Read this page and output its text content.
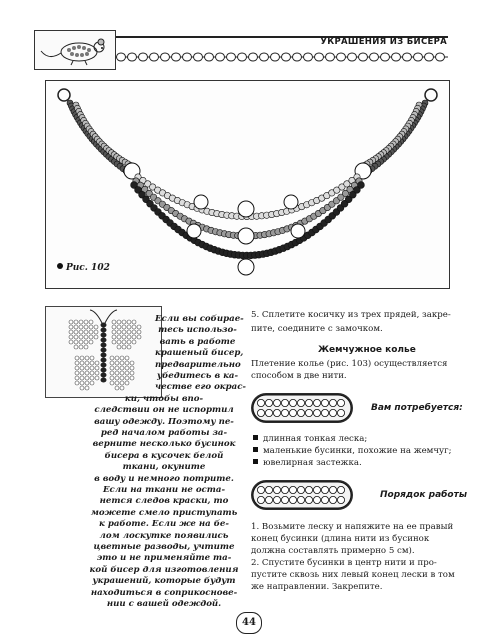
УКРАШЕНИЯ ИЗ БИСЕРА
Рис. 102
Если вы собирае-
тесь использо-
вать в работе
крашеный бисер,
предварительно
убедитесь в ка-
честве его окрас-
ки, чтобы впо-
следствии он не испортил
вашу одежду. Поэтому пе-
ред началом работы за-
верните несколько бусинок
бисера в кусочек белой
ткани, окуните
в воду и немного потрите.
Если на ткани не оста-
нется следов краски, то
можете смело приступать
к работе. Если же на бе-
лом лоскутке появились
цветные разводы, учтите
это и не применяйте та-
кой бисер для изготовления
украшений, которые будут
находиться в соприкоснове-
нии с вашей одеждой.
5. Сплетите косичку из трех прядей, закре-
пите, соедините с замочком.
Жемчужное колье
Плетение колье (рис. 103) осуществляется
способом в две нити.
Вам потребуется:
длинная тонкая леска;
маленькие бусинки, похожие на жемчуг;
ювелирная застежка.
Порядок работы
1. Возьмите леску и напяжите на ее правый
конец бусинки (длина нити из бусинок
должна составлять примерно 5 см).
2. Спустите бусинки в центр нити и про-
пустите сквозь них левый конец лески в том
же направлении. Закрепите.
44
